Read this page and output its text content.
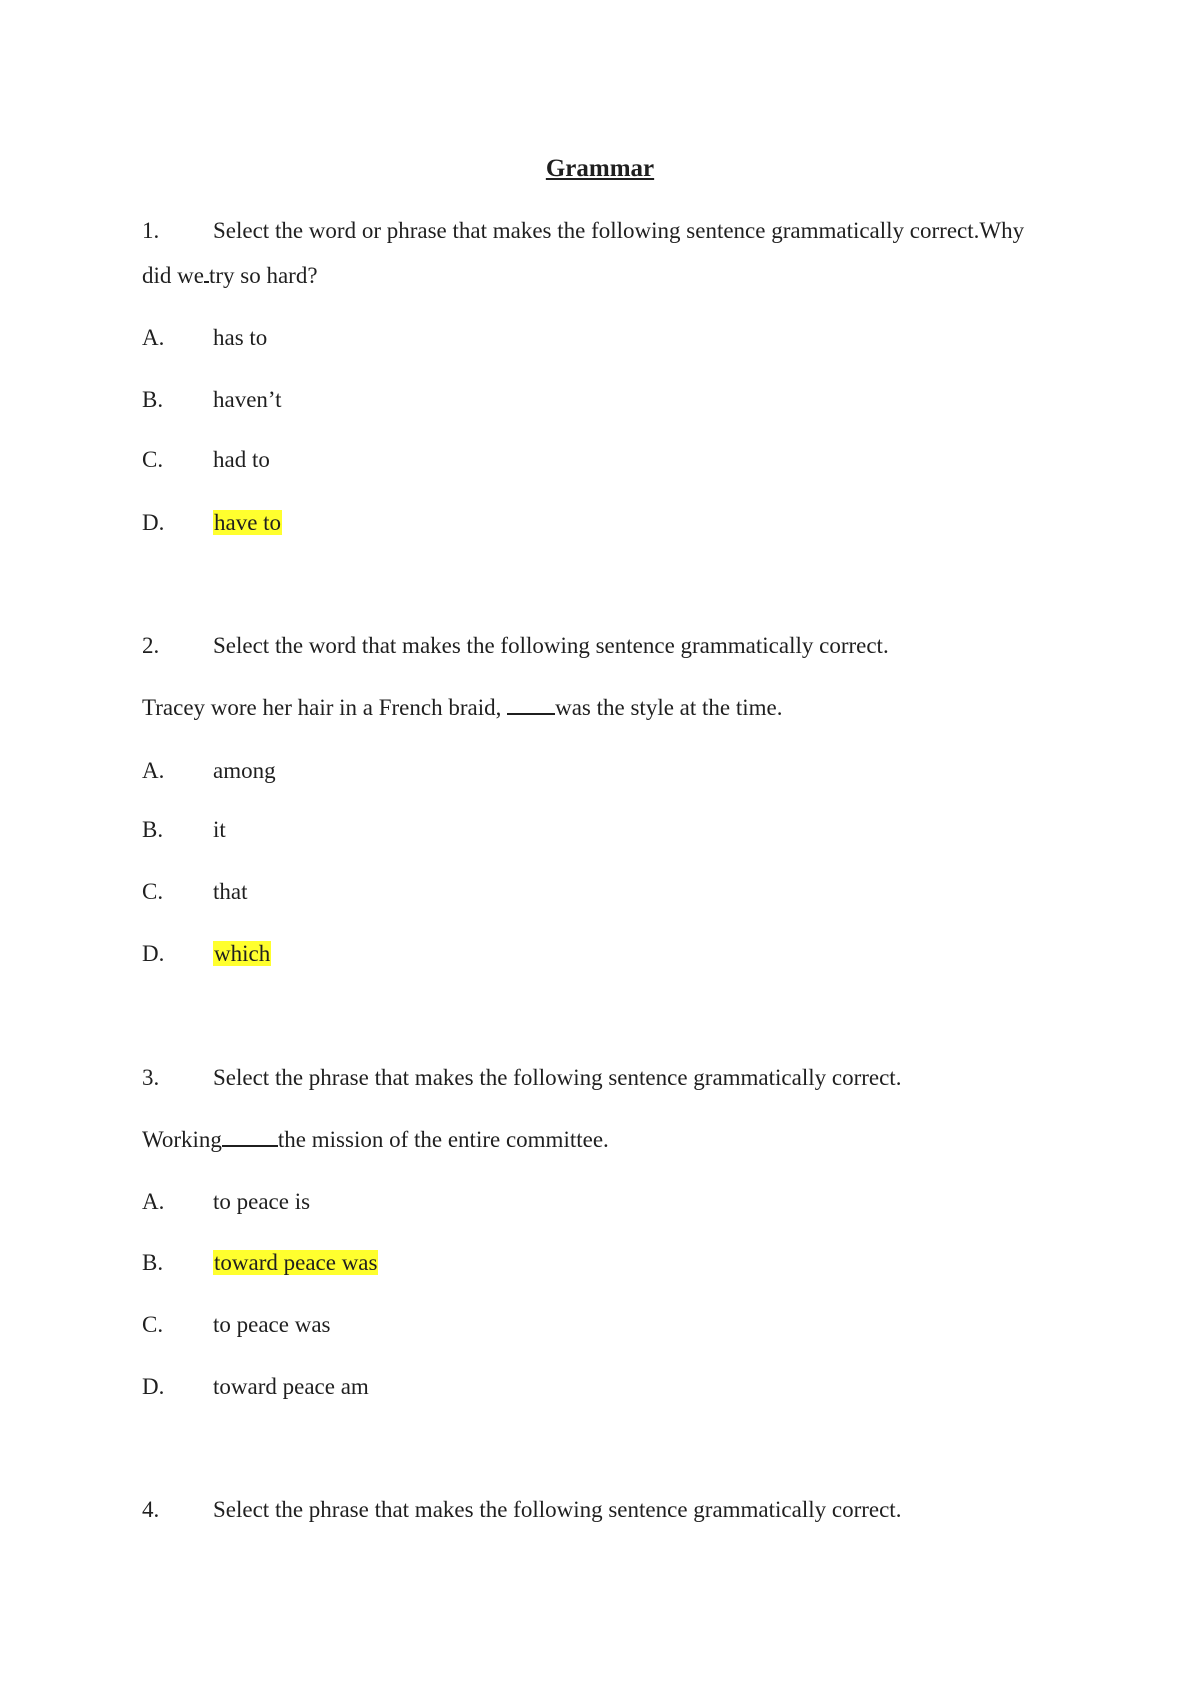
Grammar
1. Select the word or phrase that makes the following sentence grammatically correct.Why
did we try so hard?
A. has to
B. haven’t
C. had to
D. have to
2. Select the word that makes the following sentence grammatically correct.
Tracey wore her hair in a French braid, was the style at the time.
A. among
B. it
C. that
D. which
3. Select the phrase that makes the following sentence grammatically correct.
Working the mission of the entire committee.
A. to peace is
B. toward peace was
C. to peace was
D. toward peace am
4. Select the phrase that makes the following sentence grammatically correct.
